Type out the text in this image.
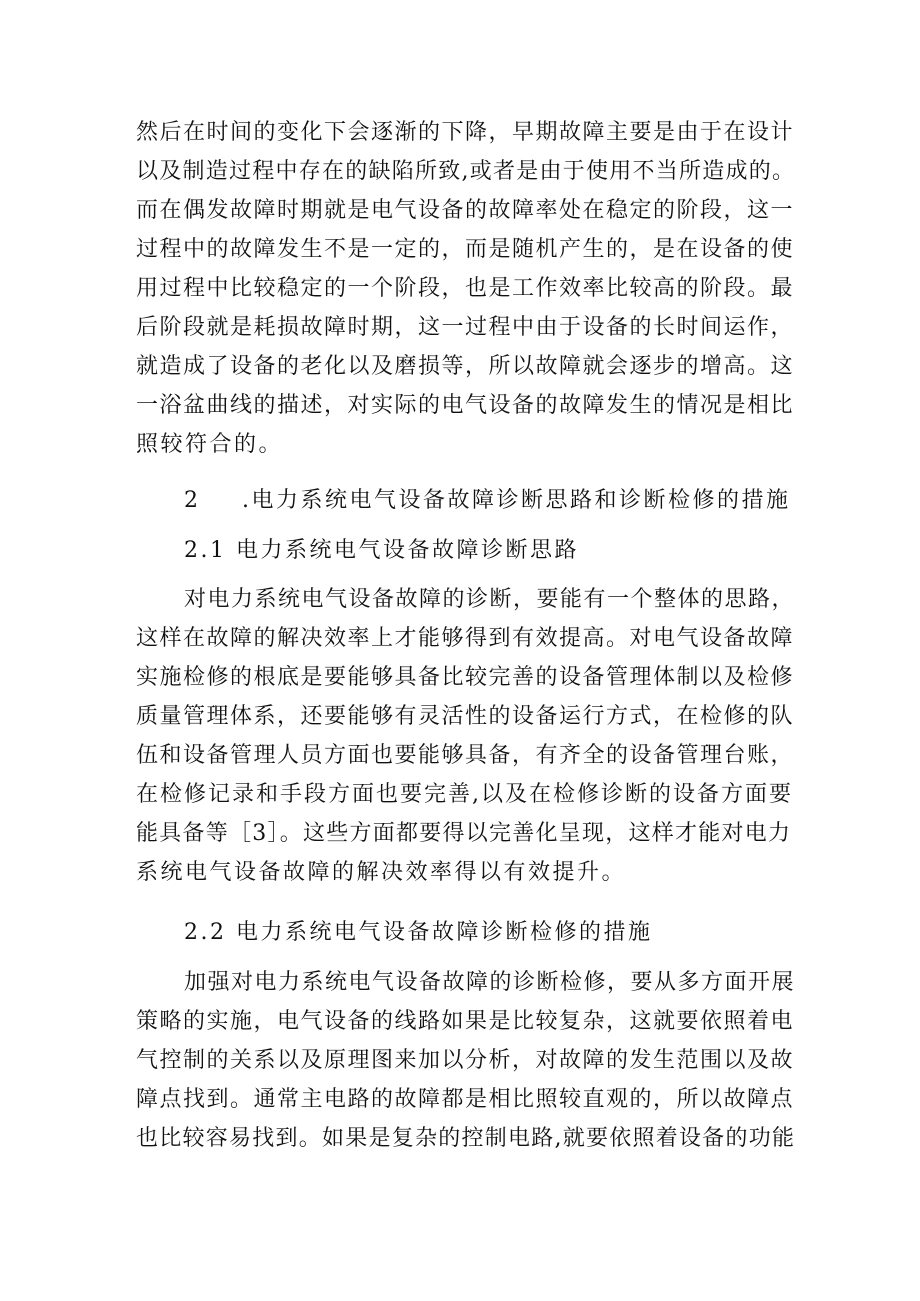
然后在时间的变化下会逐渐的下降，早期故障主要是由于在设计
以及制造过程中存在的缺陷所致,或者是由于使用不当所造成的。
而在偶发故障时期就是电气设备的故障率处在稳定的阶段，这一
过程中的故障发生不是一定的，而是随机产生的，是在设备的使
用过程中比较稳定的一个阶段，也是工作效率比较高的阶段。最
后阶段就是耗损故障时期，这一过程中由于设备的长时间运作，
就造成了设备的老化以及磨损等，所以故障就会逐步的增高。这
一浴盆曲线的描述，对实际的电气设备的故障发生的情况是相比
照较符合的。
2 .电力系统电气设备故障诊断思路和诊断检修的措施
2.1 电力系统电气设备故障诊断思路
对电力系统电气设备故障的诊断，要能有一个整体的思路，
这样在故障的解决效率上才能够得到有效提高。对电气设备故障
实施检修的根底是要能够具备比较完善的设备管理体制以及检修
质量管理体系，还要能够有灵活性的设备运行方式，在检修的队
伍和设备管理人员方面也要能够具备，有齐全的设备管理台账，
在检修记录和手段方面也要完善,以及在检修诊断的设备方面要
能具备等［3］。这些方面都要得以完善化呈现，这样才能对电力
系统电气设备故障的解决效率得以有效提升。
2.2 电力系统电气设备故障诊断检修的措施
加强对电力系统电气设备故障的诊断检修，要从多方面开展
策略的实施，电气设备的线路如果是比较复杂，这就要依照着电
气控制的关系以及原理图来加以分析，对故障的发生范围以及故
障点找到。通常主电路的故障都是相比照较直观的，所以故障点
也比较容易找到。如果是复杂的控制电路,就要依照着设备的功能
